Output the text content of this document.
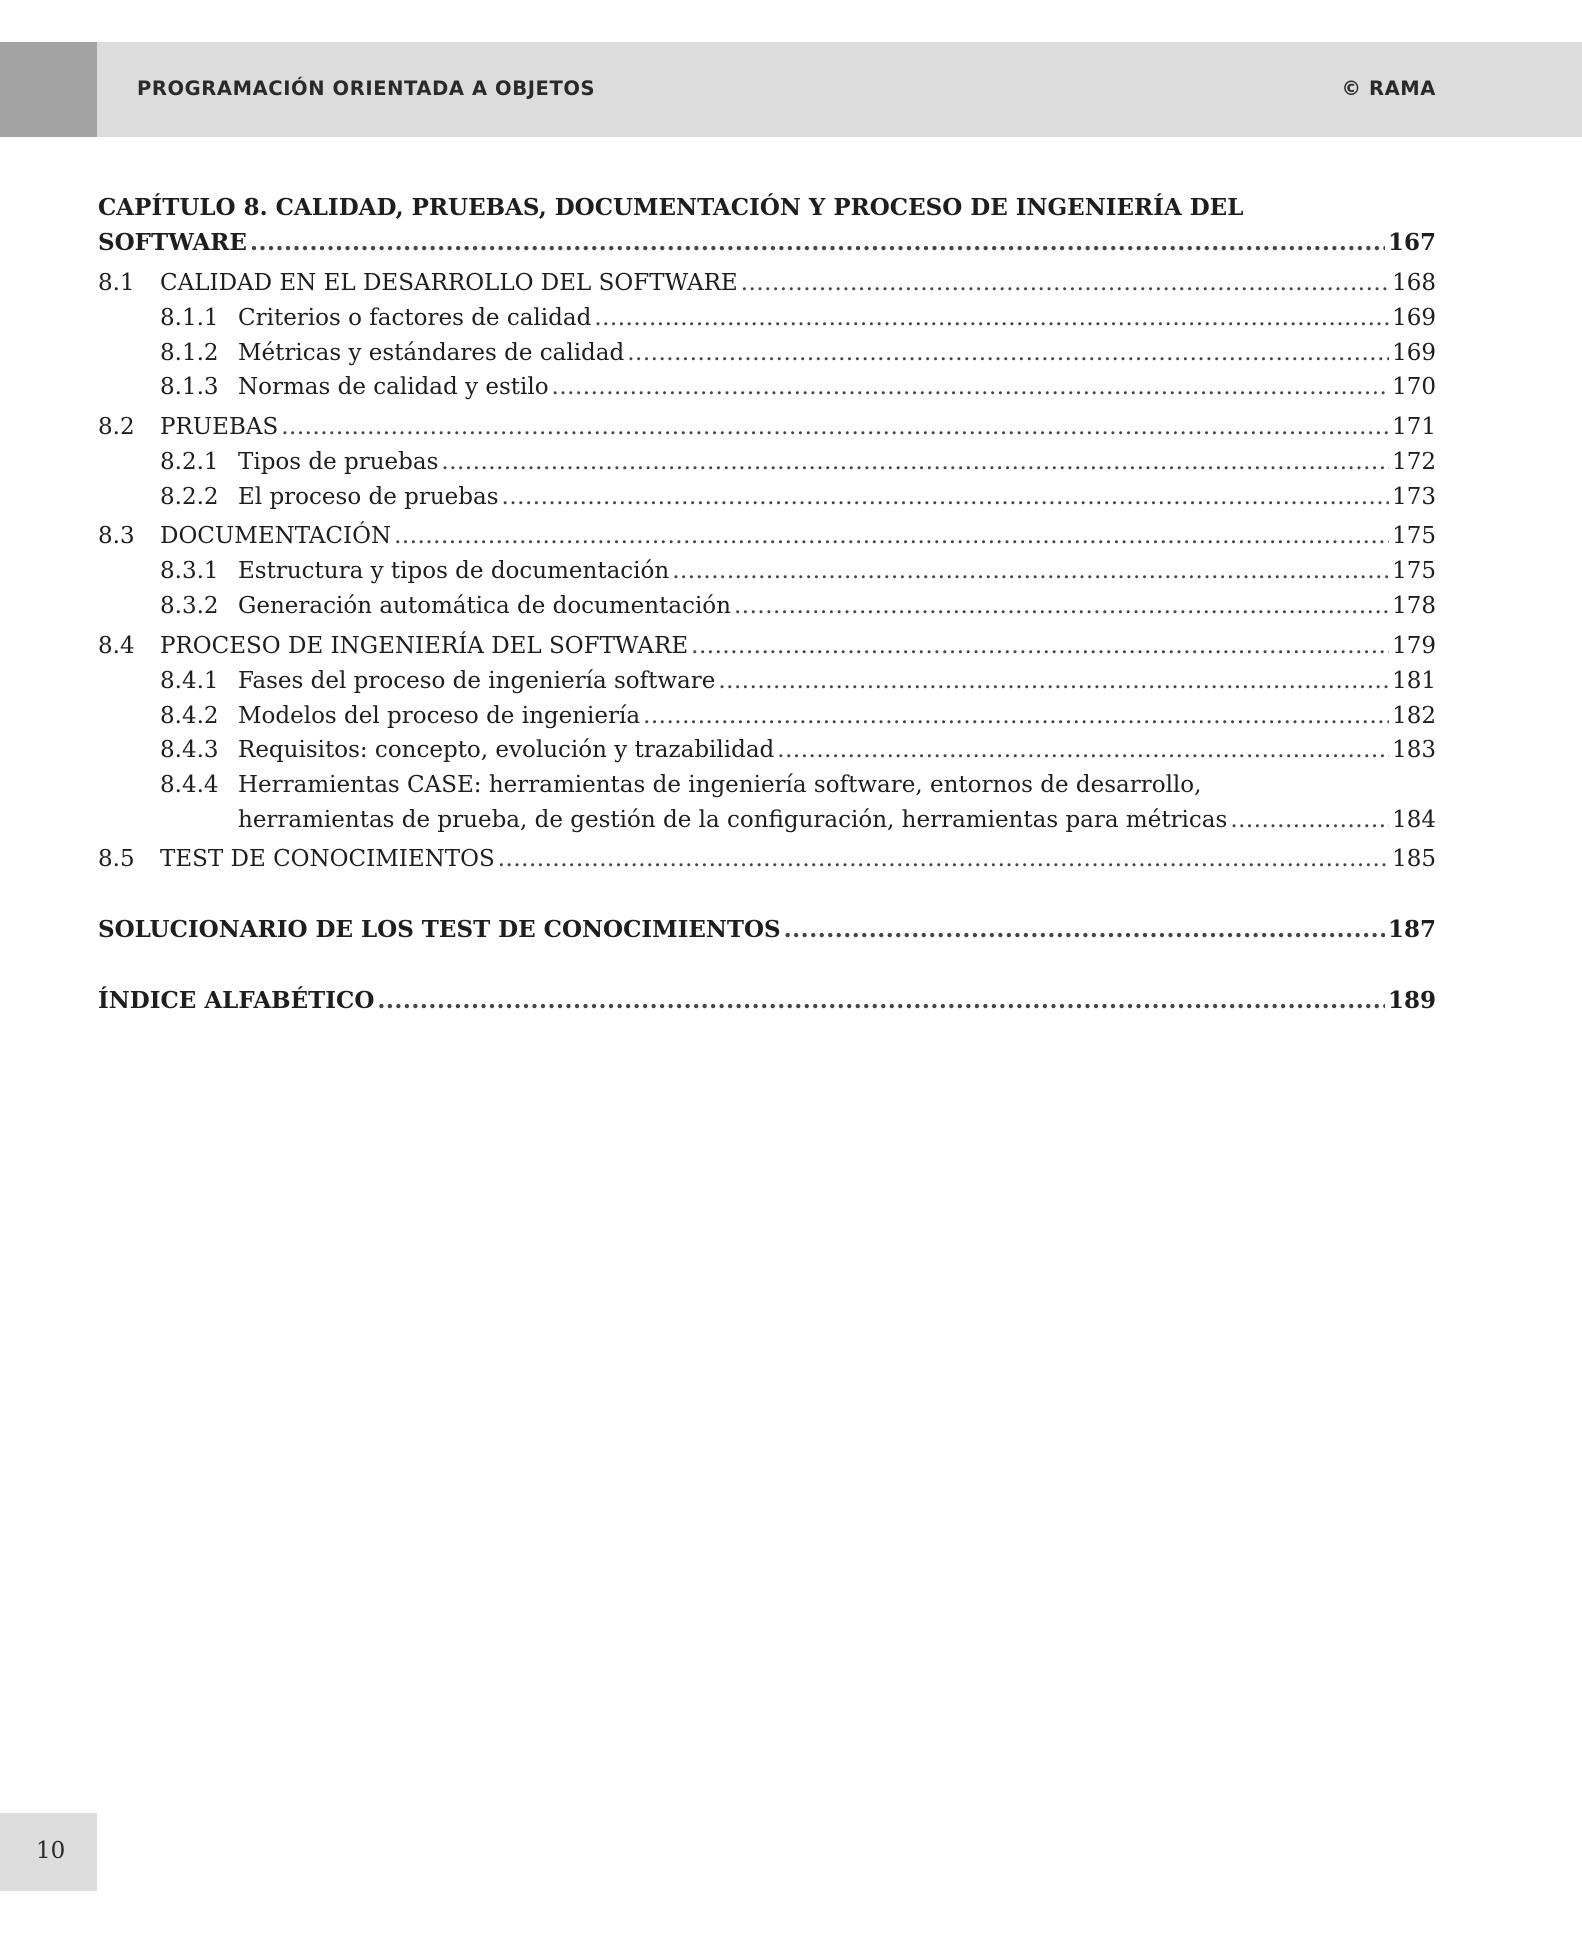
PROGRAMACIÓN ORIENTADA A OBJETOS	© RAMA
CAPÍTULO 8. CALIDAD, PRUEBAS, DOCUMENTACIÓN Y PROCESO DE INGENIERÍA DEL
SOFTWARE .....	167
8.1	CALIDAD EN EL DESARROLLO DEL SOFTWARE .....	168
8.1.1 Criterios o factores de calidad .....	169
8.1.2 Métricas y estándares de calidad .....	169
8.1.3 Normas de calidad y estilo .....	170
8.2	PRUEBAS .....	171
8.2.1 Tipos de pruebas .....	172
8.2.2 El proceso de pruebas .....	173
8.3	DOCUMENTACIÓN .....	175
8.3.1 Estructura y tipos de documentación .....	175
8.3.2 Generación automática de documentación .....	178
8.4	PROCESO DE INGENIERÍA DEL SOFTWARE .....	179
8.4.1 Fases del proceso de ingeniería software .....	181
8.4.2 Modelos del proceso de ingeniería .....	182
8.4.3 Requisitos: concepto, evolución y trazabilidad .....	183
8.4.4 Herramientas CASE: herramientas de ingeniería software, entornos de desarrollo,
herramientas de prueba, de gestión de la configuración, herramientas para métricas .....	184
8.5	TEST DE CONOCIMIENTOS .....	185
SOLUCIONARIO DE LOS TEST DE CONOCIMIENTOS .....	187
ÍNDICE ALFABÉTICO .....	189
10
